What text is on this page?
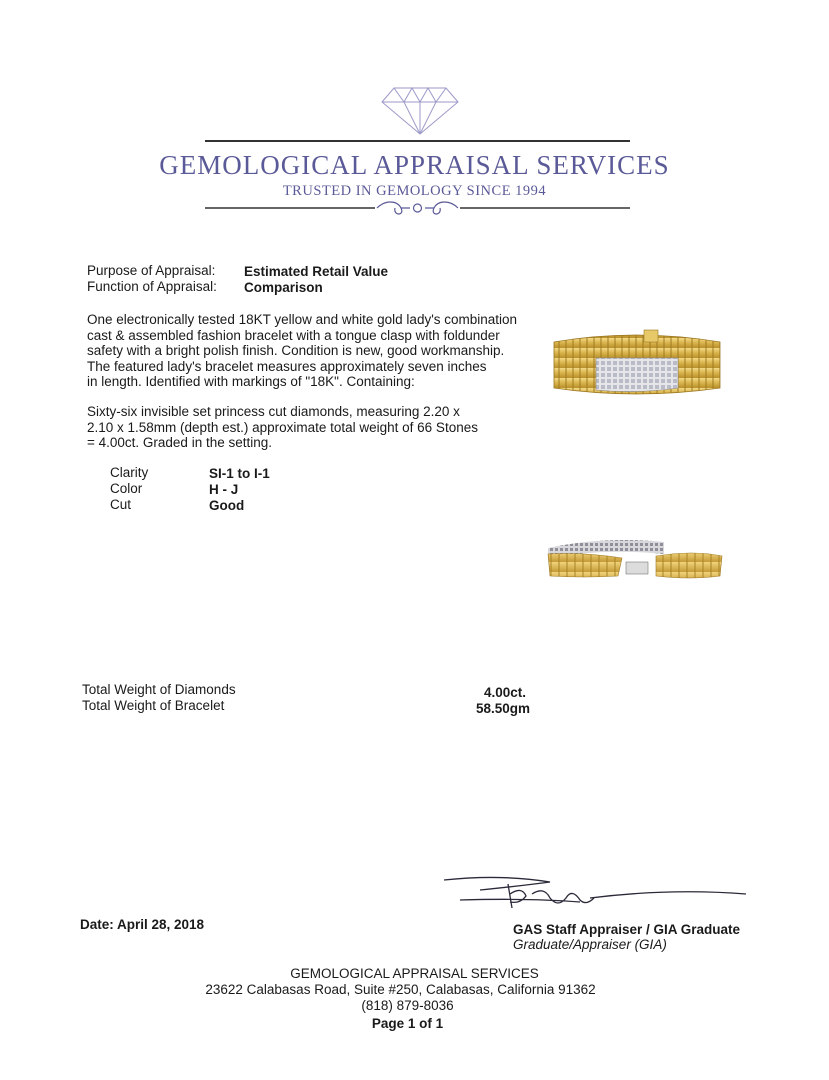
GEMOLOGICAL APPRAISAL SERVICES
TRUSTED IN GEMOLOGY SINCE 1994
Purpose of Appraisal: Estimated Retail Value
Function of Appraisal: Comparison
One electronically tested 18KT yellow and white gold lady's combination
cast & assembled fashion bracelet with a tongue clasp with foldunder
safety with a bright polish finish. Condition is new, good workmanship.
The featured lady's bracelet measures approximately seven inches
in length. Identified with markings of "18K". Containing:
Sixty-six invisible set princess cut diamonds, measuring 2.20 x
2.10 x 1.58mm (depth est.) approximate total weight of 66 Stones
= 4.00ct. Graded in the setting.
Clarity	SI-1 to I-1
Color	H - J
Cut	Good
Total Weight of Diamonds	4.00ct.
Total Weight of Bracelet	58.50gm
Date: April 28, 2018	GAS Staff Appraiser / GIA Graduate
Graduate/Appraiser (GIA)
GEMOLOGICAL APPRAISAL SERVICES
23622 Calabasas Road, Suite #250, Calabasas, California 91362
(818) 879-8036
Page 1 of 1
